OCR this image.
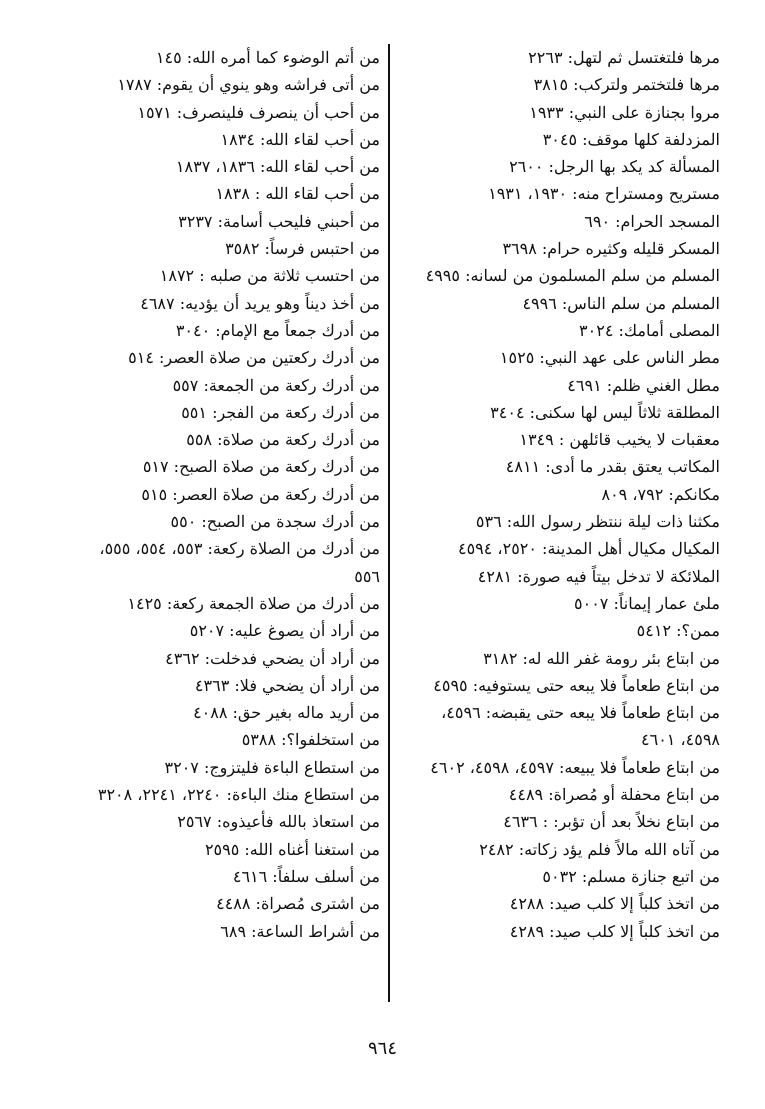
مرها فلتغتسل ثم لتهل: ٢٢٦٣
مرها فلتختمر ولتركب: ٣٨١٥
مروا بجنازة على النبي: ١٩٣٣
المزدلفة كلها موقف: ٣٠٤٥
المسألة كد يكد بها الرجل: ٢٦٠٠
مستريح ومستراح منه: ١٩٣٠، ١٩٣١
المسجد الحرام: ٦٩٠
المسكر قليله وكثيره حرام: ٣٦٩٨
المسلم من سلم المسلمون من لسانه: ٤٩٩٥
المسلم من سلم الناس: ٤٩٩٦
المصلى أمامك: ٣٠٢٤
مطر الناس على عهد النبي: ١٥٢٥
مطل الغني ظلم: ٤٦٩١
المطلقة ثلاثاً ليس لها سكنى: ٣٤٠٤
معقبات لا يخيب قائلهن : ١٣٤٩
المكاتب يعتق بقدر ما أدى: ٤٨١١
مكانكم: ٧٩٢، ٨٠٩
مكثنا ذات ليلة ننتظر رسول الله: ٥٣٦
المكيال مكيال أهل المدينة: ٢٥٢٠، ٤٥٩٤
الملائكة لا تدخل بيتاً فيه صورة: ٤٢٨١
ملئ عمار إيماناً: ٥٠٠٧
ممن؟: ٥٤١٢
من ابتاع بئر رومة غفر الله له: ٣١٨٢
من ابتاع طعاماً فلا يبعه حتى يستوفيه: ٤٥٩٥
من ابتاع طعاماً فلا يبعه حتى يقبضه: ٤٥٩٦،
٤٥٩٨، ٤٦٠١
من ابتاع طعاماً فلا يبيعه: ٤٥٩٧، ٤٥٩٨، ٤٦٠٢
من ابتاع محفلة أو مُصراة: ٤٤٨٩
من ابتاع نخلاً بعد أن تؤبر: : ٤٦٣٦
من آتاه الله مالاً فلم يؤد زكاته: ٢٤٨٢
من اتبع جنازة مسلم: ٥٠٣٢
من اتخذ كلباً إلا كلب صيد: ٤٢٨٨
من اتخذ كلباً إلا كلب صيد: ٤٢٨٩
من أتم الوضوء كما أمره الله: ١٤٥
من أتى فراشه وهو ينوي أن يقوم: ١٧٨٧
من أحب أن ينصرف فلينصرف: ١٥٧١
من أحب لقاء الله: ١٨٣٤
من أحب لقاء الله: ١٨٣٦، ١٨٣٧
من أحب لقاء الله : ١٨٣٨
من أحبني فليحب أسامة: ٣٢٣٧
من احتبس فرساً: ٣٥٨٢
من احتسب ثلاثة من صلبه : ١٨٧٢
من أخذ ديناً وهو يريد أن يؤديه: ٤٦٨٧
من أدرك جمعاً مع الإمام: ٣٠٤٠
من أدرك ركعتين من صلاة العصر: ٥١٤
من أدرك ركعة من الجمعة: ٥٥٧
من أدرك ركعة من الفجر: ٥٥١
من أدرك ركعة من صلاة: ٥٥٨
من أدرك ركعة من صلاة الصبح: ٥١٧
من أدرك ركعة من صلاة العصر: ٥١٥
من أدرك سجدة من الصبح: ٥٥٠
من أدرك من الصلاة ركعة: ٥٥٣، ٥٥٤، ٥٥٥،
٥٥٦
من أدرك من صلاة الجمعة ركعة: ١٤٢٥
من أراد أن يصوغ عليه: ٥٢٠٧
من أراد أن يضحي فدخلت: ٤٣٦٢
من أراد أن يضحي فلا: ٤٣٦٣
من أريد ماله بغير حق: ٤٠٨٨
من استخلفوا؟: ٥٣٨٨
من استطاع الباءة فليتزوج: ٣٢٠٧
من استطاع منك الباءة: ٢٢٤٠، ٢٢٤١، ٣٢٠٨
من استعاذ بالله فأعيذوه: ٢٥٦٧
من استغنا أغناه الله: ٢٥٩٥
من أسلف سلفاً: ٤٦١٦
من اشترى مُصراة: ٤٤٨٨
من أشراط الساعة: ٦٨٩
٩٦٤
